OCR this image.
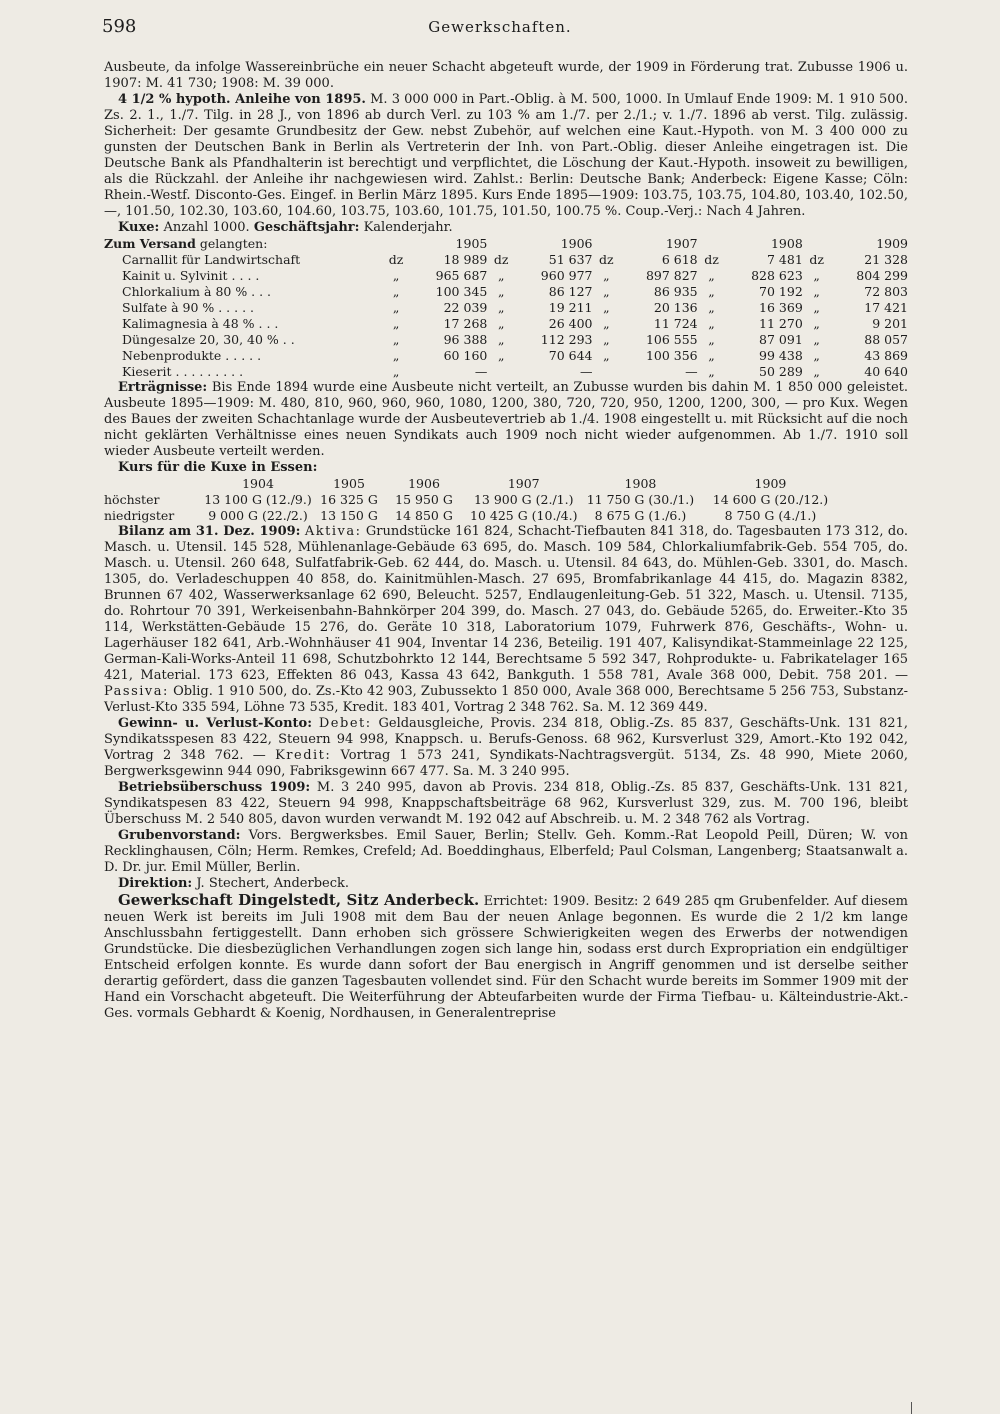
598	Gewerkschaften.

Ausbeute, da infolge Wassereinbrüche ein neuer Schacht abgeteuft wurde, der 1909 in Förderung trat. Zubusse 1906 u. 1907: M. 41 730; 1908: M. 39 000.

4 1/2 % hypoth. Anleihe von 1895. M. 3 000 000 in Part.-Oblig. à M. 500, 1000. In Umlauf Ende 1909: M. 1 910 500. Zs. 2. 1., 1./7. Tilg. in 28 J., von 1896 ab durch Verl. zu 103 % am 1./7. per 2./1.; v. 1./7. 1896 ab verst. Tilg. zulässig. Sicherheit: Der gesamte Grundbesitz der Gew. nebst Zubehör, auf welchen eine Kaut.-Hypoth. von M. 3 400 000 zu gunsten der Deutschen Bank in Berlin als Vertreterin der Inh. von Part.-Oblig. dieser Anleihe eingetragen ist. Die Deutsche Bank als Pfandhalterin ist berechtigt und verpflichtet, die Löschung der Kaut.-Hypoth. insoweit zu bewilligen, als die Rückzahl. der Anleihe ihr nachgewiesen wird. Zahlst.: Berlin: Deutsche Bank; Anderbeck: Eigene Kasse; Cöln: Rhein.-Westf. Disconto-Ges. Eingef. in Berlin März 1895. Kurs Ende 1895—1909: 103.75, 103.75, 104.80, 103.40, 102.50, —, 101.50, 102.30, 103.60, 104.60, 103.75, 103.60, 101.75, 101.50, 100.75 %. Coup.-Verj.: Nach 4 Jahren.

Kuxe: Anzahl 1000. Geschäftsjahr: Kalenderjahr.

Zum Versand gelangten:	1905		1906		1907		1908		1909	
Carnallit für Landwirtschaft	dz	18 989	dz	51 637	dz	6 618	dz	7 481	dz	21 328
Kainit u. Sylvinit . . . .	„	965 687	„	960 977	„	897 827	„	828 623	„	804 299
Chlorkalium à 80 % . . .	„	100 345	„	86 127	„	86 935	„	70 192	„	72 803
Sulfate à 90 % . . . . .	„	22 039	„	19 211	„	20 136	„	16 369	„	17 421
Kalimagnesia à 48 % . . .	„	17 268	„	26 400	„	11 724	„	11 270	„	9 201
Düngesalze 20, 30, 40 % . .	„	96 388	„	112 293	„	106 555	„	87 091	„	88 057
Nebenprodukte . . . . .	„	60 160	„	70 644	„	100 356	„	99 438	„	43 869
Kieserit . . . . . . . . .	„	—		—		—	„	50 289	„	40 640

Erträgnisse: Bis Ende 1894 wurde eine Ausbeute nicht verteilt, an Zubusse wurden bis dahin M. 1 850 000 geleistet. Ausbeute 1895—1909: M. 480, 810, 960, 960, 960, 1080, 1200, 380, 720, 720, 950, 1200, 1200, 300, — pro Kux. Wegen des Baues der zweiten Schachtanlage wurde der Ausbeutevertrieb ab 1./4. 1908 eingestellt u. mit Rücksicht auf die noch nicht geklärten Verhältnisse eines neuen Syndikats auch 1909 noch nicht wieder aufgenommen. Ab 1./7. 1910 soll wieder Ausbeute verteilt werden.

Kurs für die Kuxe in Essen:

	1904	1905	1906	1907	1908	1909
höchster	13 100 G (12./9.)	16 325 G	15 950 G	13 900 G (2./1.)	11 750 G (30./1.)	14 600 G (20./12.)
niedrigster	9 000 G (22./2.)	13 150 G	14 850 G	10 425 G (10./4.)	8 675 G (1./6.)	8 750 G (4./1.)

Bilanz am 31. Dez. 1909: Aktiva: Grundstücke 161 824, Schacht-Tiefbauten 841 318, do. Tagesbauten 173 312, do. Masch. u. Utensil. 145 528, Mühlenanlage-Gebäude 63 695, do. Masch. 109 584, Chlorkaliumfabrik-Geb. 554 705, do. Masch. u. Utensil. 260 648, Sulfatfabrik-Geb. 62 444, do. Masch. u. Utensil. 84 643, do. Mühlen-Geb. 3301, do. Masch. 1305, do. Verladeschuppen 40 858, do. Kainitmühlen-Masch. 27 695, Bromfabrikanlage 44 415, do. Magazin 8382, Brunnen 67 402, Wasserwerksanlage 62 690, Beleucht. 5257, Endlaugenleitung-Geb. 51 322, Masch. u. Utensil. 7135, do. Rohrtour 70 391, Werkeisenbahn-Bahnkörper 204 399, do. Masch. 27 043, do. Gebäude 5265, do. Erweiter.-Kto 35 114, Werkstätten-Gebäude 15 276, do. Geräte 10 318, Laboratorium 1079, Fuhrwerk 876, Geschäfts-, Wohn- u. Lagerhäuser 182 641, Arb.-Wohnhäuser 41 904, Inventar 14 236, Beteilig. 191 407, Kalisyndikat-Stammeinlage 22 125, German-Kali-Works-Anteil 11 698, Schutzbohrkto 12 144, Berechtsame 5 592 347, Rohprodukte- u. Fabrikatelager 165 421, Material. 173 623, Effekten 86 043, Kassa 43 642, Bankguth. 1 558 781, Avale 368 000, Debit. 758 201. — Passiva: Oblig. 1 910 500, do. Zs.-Kto 42 903, Zubussekto 1 850 000, Avale 368 000, Berechtsame 5 256 753, Substanz-Verlust-Kto 335 594, Löhne 73 535, Kredit. 183 401, Vortrag 2 348 762. Sa. M. 12 369 449.

Gewinn- u. Verlust-Konto: Debet: Geldausgleiche, Provis. 234 818, Oblig.-Zs. 85 837, Geschäfts-Unk. 131 821, Syndikatsspesen 83 422, Steuern 94 998, Knappsch. u. Berufs-Genoss. 68 962, Kursverlust 329, Amort.-Kto 192 042, Vortrag 2 348 762. — Kredit: Vortrag 1 573 241, Syndikats-Nachtragsvergüt. 5134, Zs. 48 990, Miete 2060, Bergwerksgewinn 944 090, Fabriksgewinn 667 477. Sa. M. 3 240 995.

Betriebsüberschuss 1909: M. 3 240 995, davon ab Provis. 234 818, Oblig.-Zs. 85 837, Geschäfts-Unk. 131 821, Syndikatspesen 83 422, Steuern 94 998, Knappschaftsbeiträge 68 962, Kursverlust 329, zus. M. 700 196, bleibt Überschuss M. 2 540 805, davon wurden verwandt M. 192 042 auf Abschreib. u. M. 2 348 762 als Vortrag.

Grubenvorstand: Vors. Bergwerksbes. Emil Sauer, Berlin; Stellv. Geh. Komm.-Rat Leopold Peill, Düren; W. von Recklinghausen, Cöln; Herm. Remkes, Crefeld; Ad. Boeddinghaus, Elberfeld; Paul Colsman, Langenberg; Staatsanwalt a. D. Dr. jur. Emil Müller, Berlin.

Direktion: J. Stechert, Anderbeck.

Gewerkschaft Dingelstedt, Sitz Anderbeck. Errichtet: 1909. Besitz: 2 649 285 qm Grubenfelder. Auf diesem neuen Werk ist bereits im Juli 1908 mit dem Bau der neuen Anlage begonnen. Es wurde die 2 1/2 km lange Anschlussbahn fertiggestellt. Dann erhoben sich grössere Schwierigkeiten wegen des Erwerbs der notwendigen Grundstücke. Die diesbezüglichen Verhandlungen zogen sich lange hin, sodass erst durch Expropriation ein endgültiger Entscheid erfolgen konnte. Es wurde dann sofort der Bau energisch in Angriff genommen und ist derselbe seither derartig gefördert, dass die ganzen Tagesbauten vollendet sind. Für den Schacht wurde bereits im Sommer 1909 mit der Hand ein Vorschacht abgeteuft. Die Weiterführung der Abteufarbeiten wurde der Firma Tiefbau- u. Kälteindustrie-Akt.-Ges. vormals Gebhardt & Koenig, Nordhausen, in Generalentreprise
